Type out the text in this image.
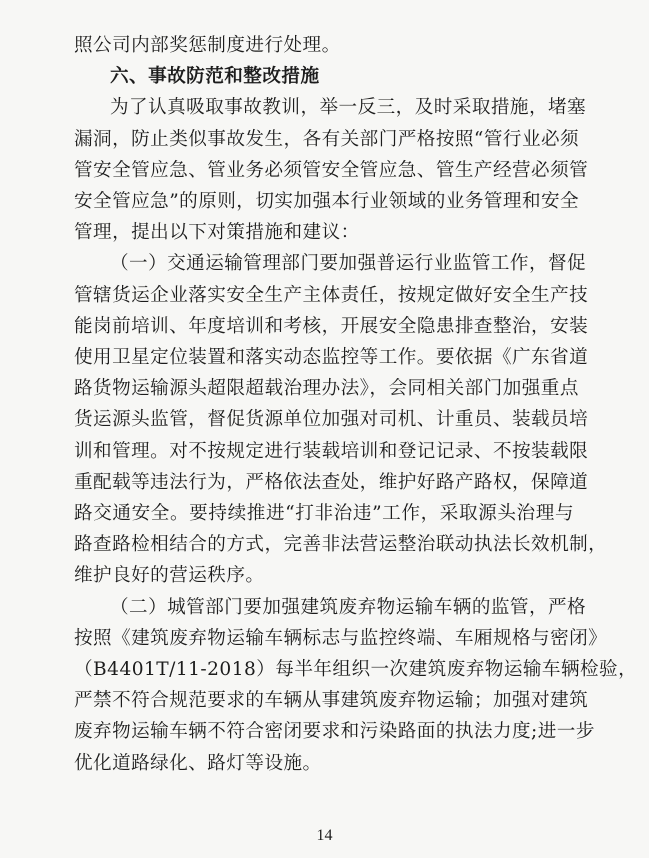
照公司内部奖惩制度进行处理。
六、事故防范和整改措施
为了认真吸取事故教训，举一反三，及时采取措施，堵塞
漏洞，防止类似事故发生，各有关部门严格按照“管行业必须
管安全管应急、管业务必须管安全管应急、管生产经营必须管
安全管应急”的原则，切实加强本行业领域的业务管理和安全
管理，提出以下对策措施和建议：
（一）交通运输管理部门要加强普运行业监管工作，督促
管辖货运企业落实安全生产主体责任，按规定做好安全生产技
能岗前培训、年度培训和考核，开展安全隐患排查整治，安装
使用卫星定位装置和落实动态监控等工作。要依据《广东省道
路货物运输源头超限超载治理办法》，会同相关部门加强重点
货运源头监管，督促货源单位加强对司机、计重员、装载员培
训和管理。对不按规定进行装载培训和登记记录、不按装载限
重配载等违法行为，严格依法查处，维护好路产路权，保障道
路交通安全。要持续推进“打非治违”工作，采取源头治理与
路查路检相结合的方式，完善非法营运整治联动执法长效机制，
维护良好的营运秩序。
（二）城管部门要加强建筑废弃物运输车辆的监管，严格
按照《建筑废弃物运输车辆标志与监控终端、车厢规格与密闭》
（B4401T/11-2018）每半年组织一次建筑废弃物运输车辆检验，
严禁不符合规范要求的车辆从事建筑废弃物运输；加强对建筑
废弃物运输车辆不符合密闭要求和污染路面的执法力度;进一步
优化道路绿化、路灯等设施。
14
